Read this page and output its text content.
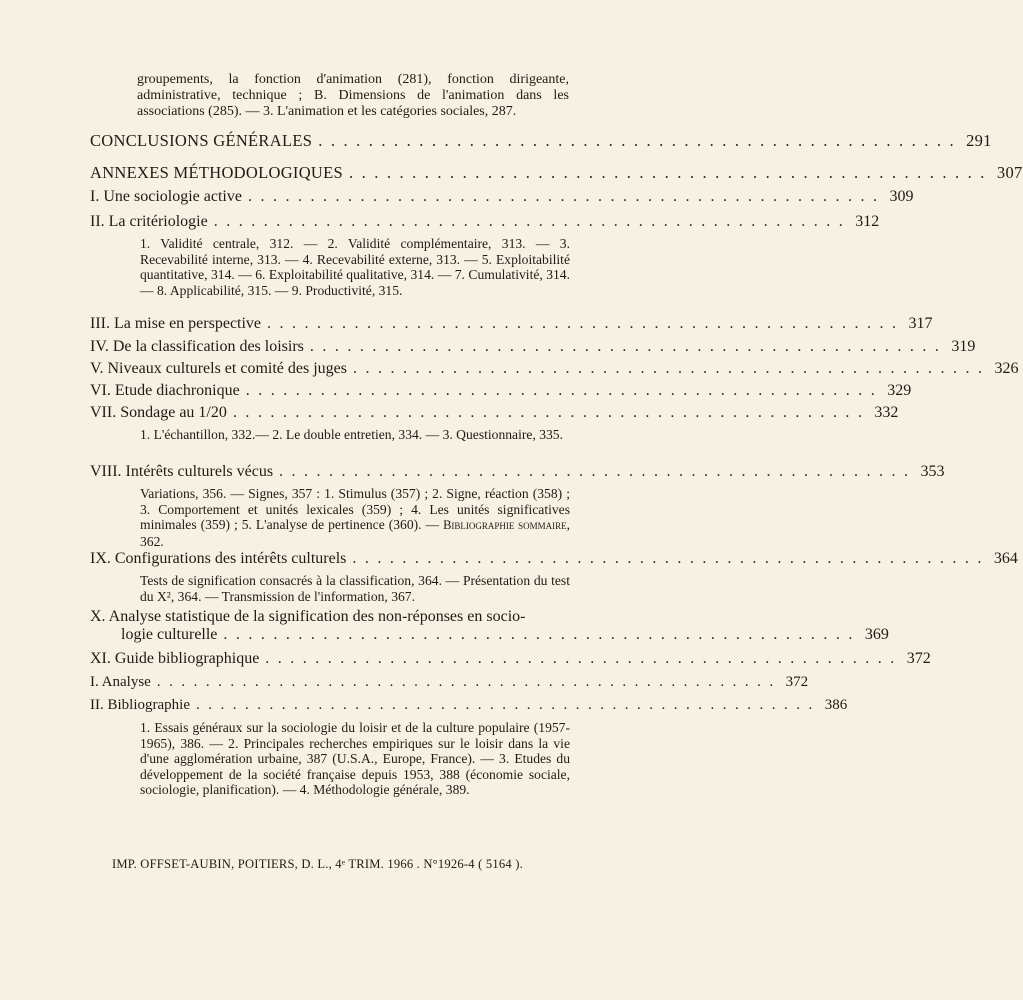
groupements, la fonction d'animation (281), fonction dirigeante, administrative, technique ; B. Dimensions de l'animation dans les associations (285). — 3. L'animation et les catégories sociales, 287.
CONCLUSIONS GÉNÉRALES ................................................... 291
ANNEXES MÉTHODOLOGIQUES ................................................... 307
I. Une sociologie active ................................................... 309
II. La critériologie ................................................... 312
1. Validité centrale, 312. — 2. Validité complémentaire, 313. — 3. Recevabilité interne, 313. — 4. Recevabilité externe, 313. — 5. Exploitabilité quantitative, 314. — 6. Exploitabilité qualitative, 314. — 7. Cumulativité, 314. — 8. Applicabilité, 315. — 9. Productivité, 315.
III. La mise en perspective ................................................... 317
IV. De la classification des loisirs ................................................... 319
V. Niveaux culturels et comité des juges ................................................... 326
VI. Etude diachronique ................................................... 329
VII. Sondage au 1/20 ................................................... 332
1. L'échantillon, 332.— 2. Le double entretien, 334. — 3. Questionnaire, 335.
VIII. Intérêts culturels vécus ................................................... 353
Variations, 356. — Signes, 357 : 1. Stimulus (357) ; 2. Signe, réaction (358) ; 3. Comportement et unités lexicales (359) ; 4. Les unités significatives minimales (359) ; 5. L'analyse de pertinence (360). — Bibliographie sommaire, 362.
IX. Configurations des intérêts culturels ................................................... 364
Tests de signification consacrés à la classification, 364. — Présentation du test du X², 364. — Transmission de l'information, 367.
X. Analyse statistique de la signification des non-réponses en socio-
logie culturelle ................................................... 369
XI. Guide bibliographique ................................................... 372
I. Analyse ................................................... 372
II. Bibliographie ................................................... 386
1. Essais généraux sur la sociologie du loisir et de la culture populaire (1957-1965), 386. — 2. Principales recherches empiriques sur le loisir dans la vie d'une agglomération urbaine, 387 (U.S.A., Europe, France). — 3. Etudes du développement de la société française depuis 1953, 388 (économie sociale, sociologie, planification). — 4. Méthodologie générale, 389.
IMP. OFFSET-AUBIN, POITIERS, D. L., 4ᵉ TRIM. 1966 . N°1926-4 ( 5164 ).
